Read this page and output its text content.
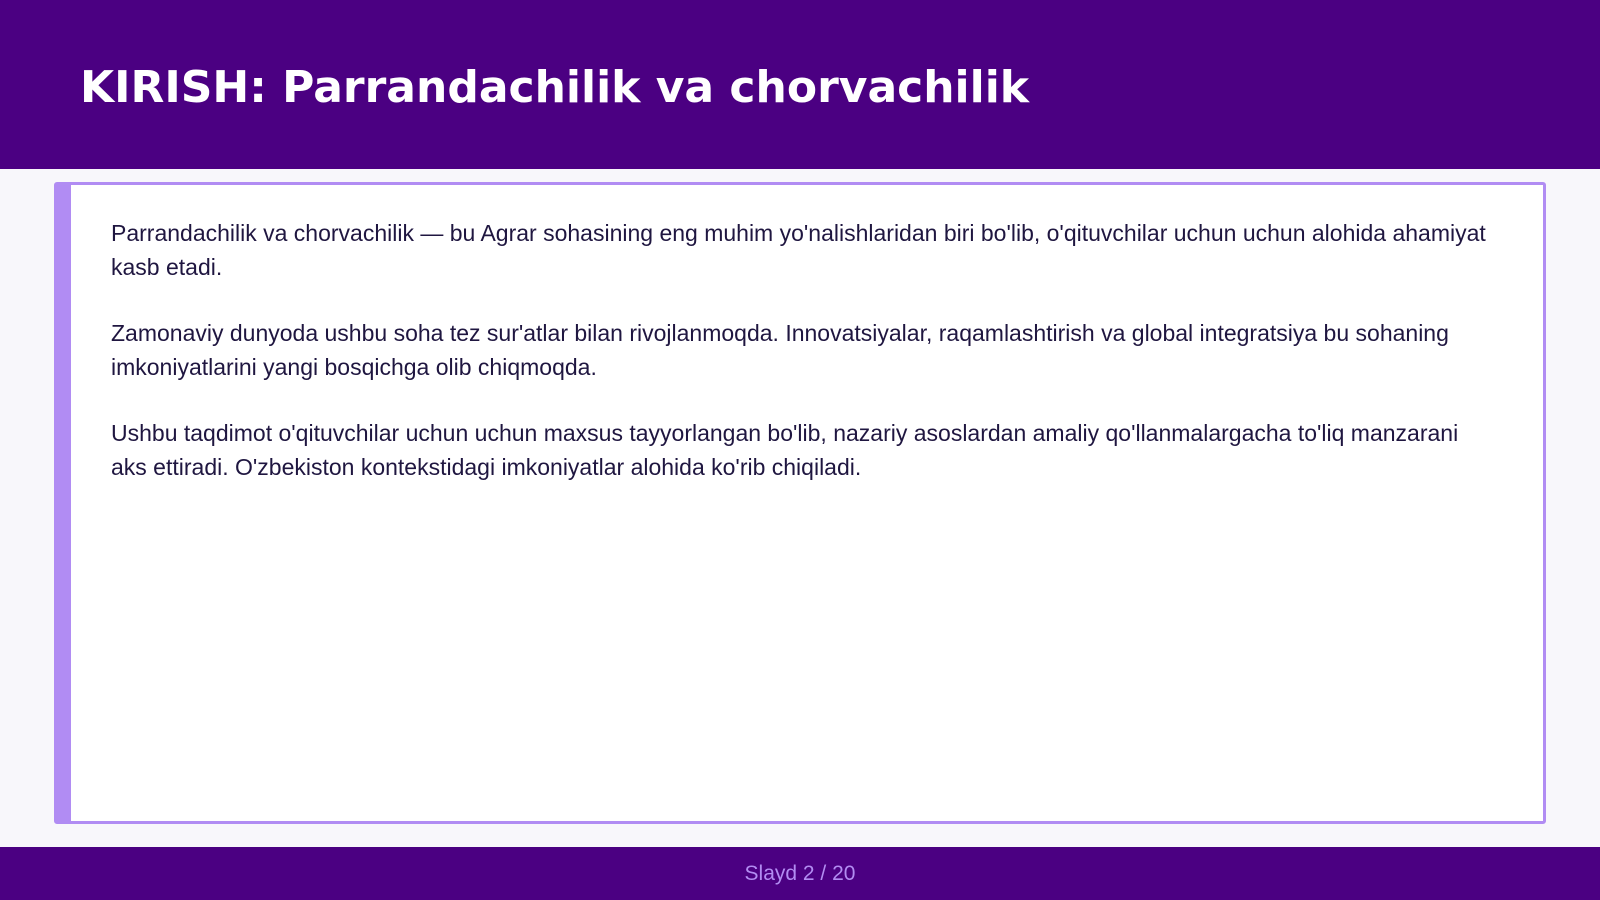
KIRISH: Parrandachilik va chorvachilik

Parrandachilik va chorvachilik — bu Agrar sohasining eng muhim yo'nalishlaridan biri bo'lib, o'qituvchilar uchun uchun alohida ahamiyat kasb etadi.

Zamonaviy dunyoda ushbu soha tez sur'atlar bilan rivojlanmoqda. Innovatsiyalar, raqamlashtirish va global integratsiya bu sohaning imkoniyatlarini yangi bosqichga olib chiqmoqda.

Ushbu taqdimot o'qituvchilar uchun uchun maxsus tayyorlangan bo'lib, nazariy asoslardan amaliy qo'llanmalargacha to'liq manzarani aks ettiradi. O'zbekiston kontekstidagi imkoniyatlar alohida ko'rib chiqiladi.

Slayd 2 / 20
